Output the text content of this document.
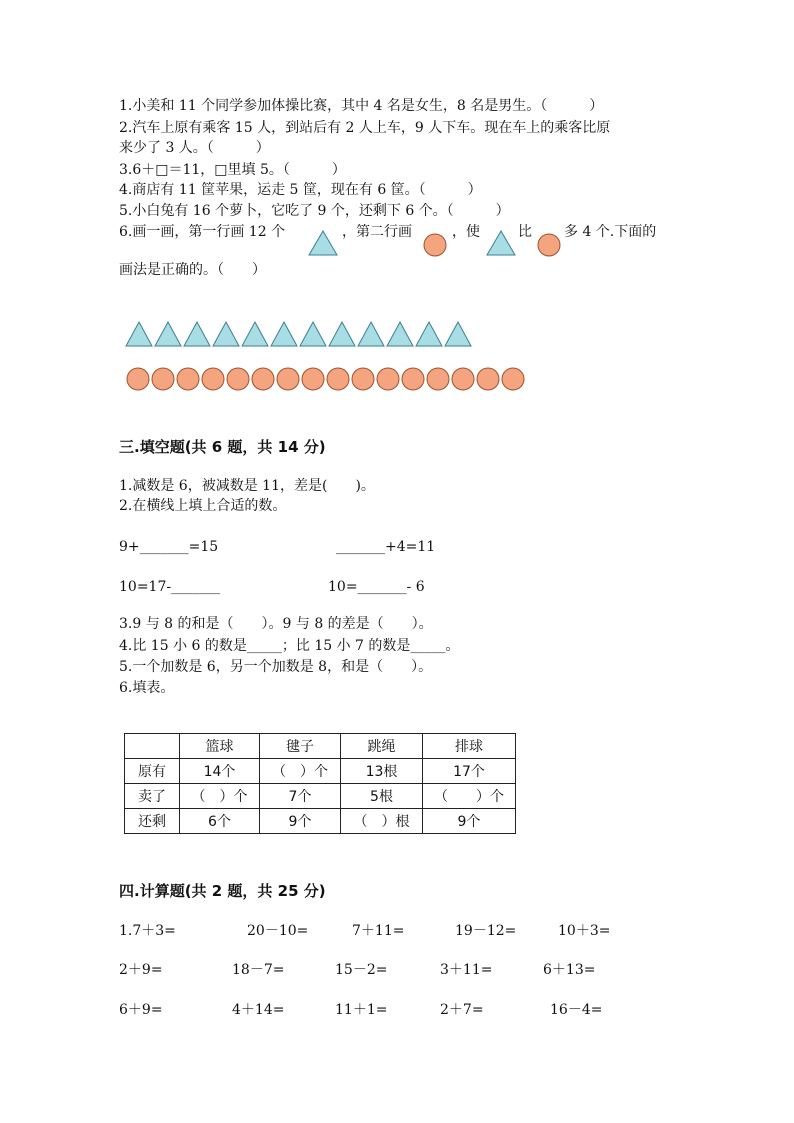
1.小美和 11 个同学参加体操比赛，其中 4 名是女生，8 名是男生。（　　　）
2.汽车上原有乘客 15 人，到站后有 2 人上车，9 人下车。现在车上的乘客比原
来少了 3 人。（　　　）
3.6＋□＝11，□里填 5。（　　　）
4.商店有 11 筐苹果，运走 5 筐，现在有 6 筐。（　　　）
5.小白兔有 16 个萝卜，它吃了 9 个，还剩下 6 个。（　　　）
6.画一画，第一行画 12 个	，第二行画	，使	比 多 4 个.下面的
画法是正确的。（　　）
三.填空题(共 6 题，共 14 分)
1.减数是 6，被减数是 11，差是(　　)。
2.在横线上填上合适的数。
9+_______=15	_______+4=11
10=17-_______	10=_______- 6
3.9 与 8 的和是（　　）。9 与 8 的差是（　　）。
4.比 15 小 6 的数是_____；比 15 小 7 的数是_____。
5.一个加数是 6，另一个加数是 8，和是（　　）。
6.填表。
	篮球	毽子	跳绳	排球
原有	14个	（　）个	13根	17个
卖了	（　）个	7个	5根	（　　）个
还剩	6个	9个	（　）根	9个
四.计算题(共 2 题，共 25 分)
1.7＋3=	20－10=	7＋11=	19－12=	10＋3=
2＋9=	18－7=	15－2=	3＋11=	6＋13=
6＋9=	4＋14=	11＋1=	2＋7=	16－4=
